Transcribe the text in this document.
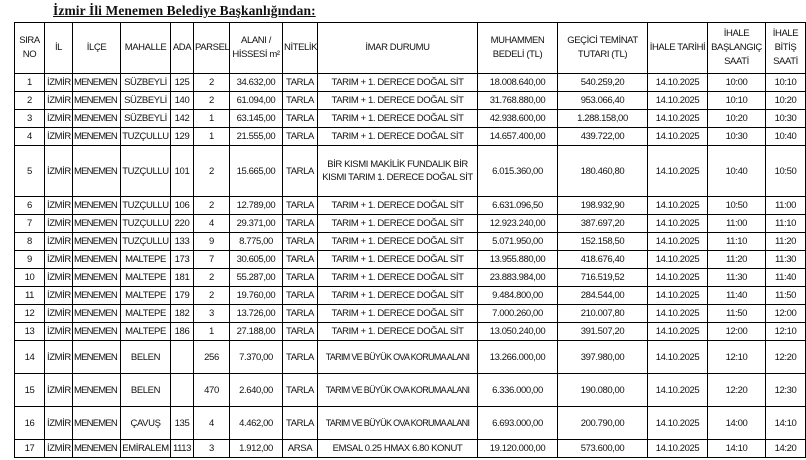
İzmir İli Menemen Belediye Başkanlığından:
SIRA NO	İL	İLÇE	MAHALLE	ADA	PARSEL	ALANI / HİSSESİ m²	NİTELİK	İMAR DURUMU	MUHAMMEN BEDELİ (TL)	GEÇİCİ TEMİNAT TUTARI (TL)	İHALE TARİHİ	İHALE BAŞLANGIÇ SAATİ	İHALE BİTİŞ SAATİ
1	İZMİR	MENEMEN	SÜZBEYLİ	125	2	34.632,00	TARLA	TARIM + 1. DERECE DOĞAL SİT	18.008.640,00	540.259,20	14.10.2025	10:00	10:10
2	İZMİR	MENEMEN	SÜZBEYLİ	140	2	61.094,00	TARLA	TARIM + 1. DERECE DOĞAL SİT	31.768.880,00	953.066,40	14.10.2025	10:10	10:20
3	İZMİR	MENEMEN	SÜZBEYLİ	142	1	63.145,00	TARLA	TARIM + 1. DERECE DOĞAL SİT	42.938.600,00	1.288.158,00	14.10.2025	10:20	10:30
4	İZMİR	MENEMEN	TUZÇULLU	129	1	21.555,00	TARLA	TARIM + 1. DERECE DOĞAL SİT	14.657.400,00	439.722,00	14.10.2025	10:30	10:40
5	İZMİR	MENEMEN	TUZÇULLU	101	2	15.665,00	TARLA	BİR KISMI MAKİLİK FUNDALIK BİR KISMI TARIM 1. DERECE DOĞAL SİT	6.015.360,00	180.460,80	14.10.2025	10:40	10:50
6	İZMİR	MENEMEN	TUZÇULLU	106	2	12.789,00	TARLA	TARIM + 1. DERECE DOĞAL SİT	6.631.096,50	198.932,90	14.10.2025	10:50	11:00
7	İZMİR	MENEMEN	TUZÇULLU	220	4	29.371,00	TARLA	TARIM + 1. DERECE DOĞAL SİT	12.923.240,00	387.697,20	14.10.2025	11:00	11:10
8	İZMİR	MENEMEN	TUZÇULLU	133	9	8.775,00	TARLA	TARIM + 1. DERECE DOĞAL SİT	5.071.950,00	152.158,50	14.10.2025	11:10	11:20
9	İZMİR	MENEMEN	MALTEPE	173	7	30.605,00	TARLA	TARIM + 1. DERECE DOĞAL SİT	13.955.880,00	418.676,40	14.10.2025	11:20	11:30
10	İZMİR	MENEMEN	MALTEPE	181	2	55.287,00	TARLA	TARIM + 1. DERECE DOĞAL SİT	23.883.984,00	716.519,52	14.10.2025	11:30	11:40
11	İZMİR	MENEMEN	MALTEPE	179	2	19.760,00	TARLA	TARIM + 1. DERECE DOĞAL SİT	9.484.800,00	284.544,00	14.10.2025	11:40	11:50
12	İZMİR	MENEMEN	MALTEPE	182	3	13.726,00	TARLA	TARIM + 1. DERECE DOĞAL SİT	7.000.260,00	210.007,80	14.10.2025	11:50	12:00
13	İZMİR	MENEMEN	MALTEPE	186	1	27.188,00	TARLA	TARIM + 1. DERECE DOĞAL SİT	13.050.240,00	391.507,20	14.10.2025	12:00	12:10
14	İZMİR	MENEMEN	BELEN		256	7.370,00	TARLA	TARIM VE BÜYÜK OVA KORUMA ALANI	13.266.000,00	397.980,00	14.10.2025	12:10	12:20
15	İZMİR	MENEMEN	BELEN		470	2.640,00	TARLA	TARIM VE BÜYÜK OVA KORUMA ALANI	6.336.000,00	190.080,00	14.10.2025	12:20	12:30
16	İZMİR	MENEMEN	ÇAVUŞ	135	4	4.462,00	TARLA	TARIM VE BÜYÜK OVA KORUMA ALANI	6.693.000,00	200.790,00	14.10.2025	14:00	14:10
17	İZMİR	MENEMEN	EMİRALEM	1113	3	1.912,00	ARSA	EMSAL 0.25 HMAX 6.80 KONUT	19.120.000,00	573.600,00	14.10.2025	14:10	14:20
